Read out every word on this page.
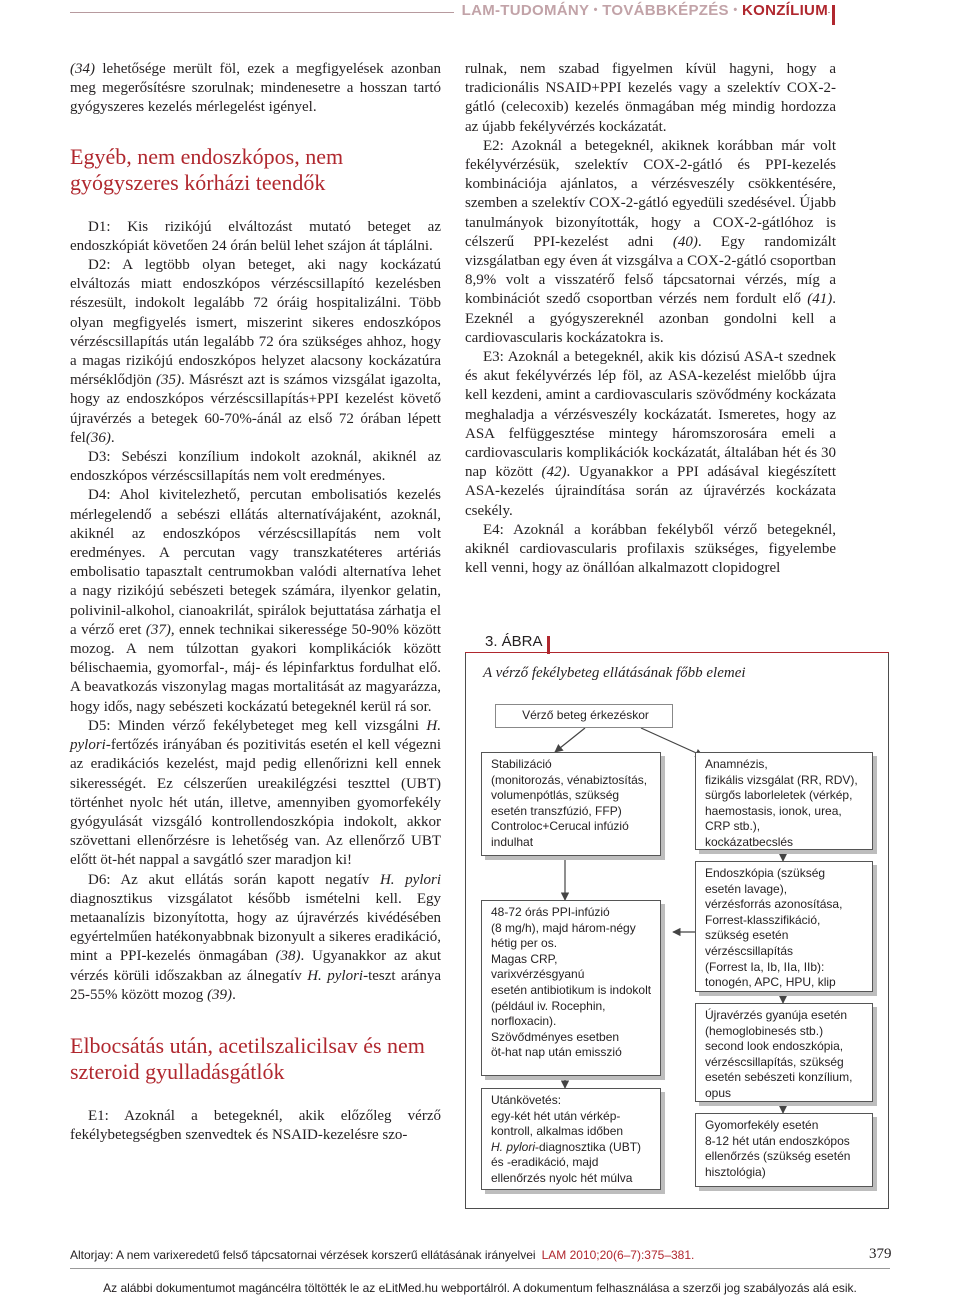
LAM-TUDOMÁNY • TOVÁBBKÉPZÉS • KONZÍLIUM

(34) lehetősége merült föl, ezek a megfigyelések azonban meg megerősítésre szorulnak; mindenesetre a hosszan tartó gyógyszeres kezelés mérlegelést igényel.

Egyéb, nem endoszkópos, nem gyógyszeres kórházi teendők

D1: Kis rizikójú elváltozást mutató beteget az endoszkópiát követően 24 órán belül lehet szájon át táplálni.

D2: A legtöbb olyan beteget, aki nagy kockázatú elváltozás miatt endoszkópos vérzéscsillapító kezelésben részesült, indokolt legalább 72 óráig hospitalizálni. Több olyan megfigyelés ismert, miszerint sikeres endoszkópos vérzéscsillapítás után legalább 72 óra szükséges ahhoz, hogy a magas rizikójú endoszkópos helyzet alacsony kockázatúra mérséklődjön (35). Másrészt azt is számos vizsgálat igazolta, hogy az endoszkópos vérzéscsillapítás+PPI kezelést követő újravérzés a betegek 60-70%-ánál az első 72 órában lépett fel(36).

D3: Sebészi konzílium indokolt azoknál, akiknél az endoszkópos vérzéscsillapítás nem volt eredményes.

D4: Ahol kivitelezhető, percutan embolisatiós kezelés mérlegelendő a sebészi ellátás alternatívájaként, azoknál, akiknél az endoszkópos vérzéscsillapítás nem volt eredményes. A percutan vagy transzkatéteres artériás embolisatio tapasztalt centrumokban valódi alternatíva lehet a nagy rizikójú sebészeti betegek számára, ilyenkor gelatin, polivinil-alkohol, cianoakrilát, spirálok bejuttatása zárhatja el a vérző eret (37), ennek technikai sikeressége 50-90% között mozog. A nem túlzottan gyakori komplikációk között bélischaemia, gyomorfal-, máj- és lépinfarktus fordulhat elő. A beavatkozás viszonylag magas mortalitását az magyarázza, hogy idős, nagy sebészeti kockázatú betegeknél kerül rá sor.

D5: Minden vérző fekélybeteget meg kell vizsgálni H. pylori-fertőzés irányában és pozitivitás esetén el kell végezni az eradikációs kezelést, majd pedig ellenőrizni kell ennek sikerességét. Ez célszerűen ureakilégzési teszttel (UBT) történhet nyolc hét után, illetve, amennyiben gyomorfekély gyógyulását vizsgáló kontrollendoszkópia indokolt, akkor szövettani ellenőrzésre is lehetőség van. Az ellenőrző UBT előtt öt-hét nappal a savgátló szer maradjon ki!

D6: Az akut ellátás során kapott negatív H. pylori diagnosztikus vizsgálatot később ismételni kell. Egy metaanalízis bizonyította, hogy az újravérzés kivédésében egyértelműen hatékonyabbnak bizonyult a sikeres eradikáció, mint a PPI-kezelés önmagában (38). Ugyanakkor az akut vérzés körüli időszakban az álnegatív H. pylori-teszt aránya 25-55% között mozog (39).

Elbocsátás után, acetilszalicilsav és nem szteroid gyulladásgátlók

E1: Azoknál a betegeknél, akik előzőleg vérző fekélybetegségben szenvedtek és NSAID-kezelésre szo-

rulnak, nem szabad figyelmen kívül hagyni, hogy a tradicionális NSAID+PPI kezelés vagy a szelektív COX-2-gátló (celecoxib) kezelés önmagában még mindig hordozza az újabb fekélyvérzés kockázatát.

E2: Azoknál a betegeknél, akiknek korábban már volt fekélyvérzésük, szelektív COX-2-gátló és PPI-kezelés kombinációja ajánlatos, a vérzésveszély csökkentésére, szemben a szelektív COX-2-gátló egyedüli szedésével. Újabb tanulmányok bizonyították, hogy a COX-2-gátlóhoz is célszerű PPI-kezelést adni (40). Egy randomizált vizsgálatban egy éven át vizsgálva a COX-2-gátló csoportban 8,9% volt a visszatérő felső tápcsatornai vérzés, míg a kombinációt szedő csoportban vérzés nem fordult elő (41). Ezeknél a gyógyszereknél azonban gondolni kell a cardiovascularis kockázatokra is.

E3: Azoknál a betegeknél, akik kis dózisú ASA-t szednek és akut fekélyvérzés lép föl, az ASA-kezelést mielőbb újra kell kezdeni, amint a cardiovascularis szövődmény kockázata meghaladja a vérzésveszély kockázatát. Ismeretes, hogy az ASA felfüggesztése mintegy háromszorosára emeli a cardiovascularis komplikációk kockázatát, általában hét és 30 nap között (42). Ugyanakkor a PPI adásával kiegészített ASA-kezelés újraindítása során az újravérzés kockázata csekély.

E4: Azoknál a korábban fekélyből vérző betegeknél, akiknél cardiovascularis profilaxis szükséges, figyelembe kell venni, hogy az önállóan alkalmazott clopidogrel

3. ÁBRA
A vérző fekélybeteg ellátásának főbb elemei
Vérző beteg érkezéskor
Stabilizáció
(monitorozás, vénabiztosítás,
volumenpótlás, szükség
esetén transzfúzió, FFP)
Controloc+Cerucal infúzió
indulhat
48-72 órás PPI-infúzió
(8 mg/h), majd három-négy
hétig per os.
Magas CRP, varixvérzésgyanú
esetén antibiotikum is indokolt
(például iv. Rocephin,
norfloxacin).
Szövődményes esetben
öt-hat nap után emisszió
Utánkövetés:
egy-két hét után vérkép-
kontroll, alkalmas időben
H. pylori-diagnosztika (UBT)
és -eradikáció, majd
ellenőrzés nyolc hét múlva
Anamnézis,
fizikális vizsgálat (RR, RDV),
sürgős laborleletek (vérkép,
haemostasis, ionok, urea,
CRP stb.),
kockázatbecslés
Endoszkópia (szükség
esetén lavage),
vérzésforrás azonosítása,
Forrest-klasszifikáció,
szükség esetén
vérzéscsillapítás
(Forrest Ia, Ib, IIa, IIb):
tonogén, APC, HPU, klip
Újravérzés gyanúja esetén
(hemoglobinesés stb.)
second look endoszkópia,
vérzéscsillapítás, szükség
esetén sebészeti konzílium,
opus
Gyomorfekély esetén
8-12 hét után endoszkópos
ellenőrzés (szükség esetén
hisztológia)
Altorjay: A nem varixeredetű felső tápcsatornai vérzések korszerű ellátásának irányelvei LAM 2010;20(6–7):375–381.	379
Az alábbi dokumentumot magáncélra töltötték le az eLitMed.hu webportálról. A dokumentum felhasználása a szerzői jog szabályozás alá esik.
